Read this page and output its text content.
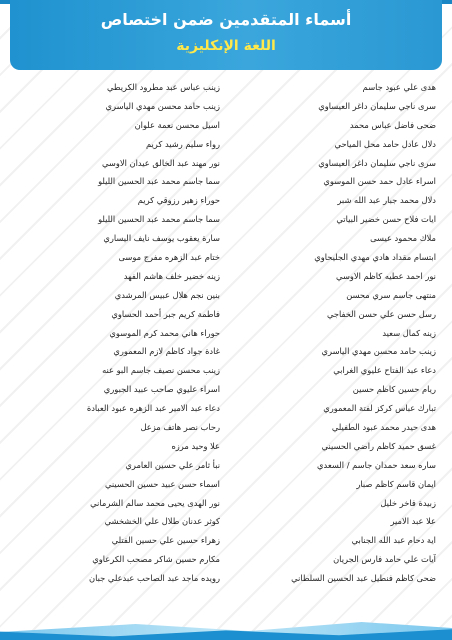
أسماء المتقدمين ضمن اختصاص
اللغة الإنكليزية
هدى علي عبود جاسم
سرى ناجي سليمان داغر العيساوي
ضحى فاضل عباس محمد
دلال عادل حامد محل المياحي
سرى ناجي سليمان داغر العيساوي
اسراء عادل حمد حسن الموسوي
دلال محمد جبار عبد الله شبر
ايات فلاح حسن خضير البياتي
ملاك محمود عيسى
ابتسام مقداد هادي مهدي الجليحاوي
نور احمد عطيه كاظم الاوسي
منتهى جاسم سري محسن
رسل حسن علي حسن الخفاجي
زينه كمال سعيد
زينب حامد محسن مهدي الياسري
دعاء عبد الفتاح عليوي الغرابي
ريام حسين كاظم حسين
تبارك عباس كركز لفتة المعموري
هدى حيدر محمد عبود الطفيلي
غسق حميد كاظم راضي الحسيني
ساره سعد حمدان جاسم / السعدي
ايمان قاسم كاظم صبار
زبيدة فاخر خليل
علا عبد الامير
اية دحام عبد الله الجنابي
آيات علي حامد فارس الجريان
ضحى كاظم فنطيل عبد الحسين السلطاني
زينب عباس عبد مطرود الكريطي
زينب حامد محسن مهدي الياسري
اسيل محسن نعمة علوان
رواء سليم رشيد كريم
نور مهند عبد الخالق عيدان الاوسي
سما جاسم محمد عبد الحسين الليلو
حوراء زهير رزوقي كريم
سما جاسم محمد عبد الحسين الليلو
سارة يعقوب يوسف نايف اليساري
ختام عبد الزهره مفرج موسى
زينه خضير خلف هاشم الفهد
بنين نجم هلال عبيس المرشدي
فاطمة كريم جبر أحمد الحساوي
حوراء هاني محمد كرم الموسوي
غادة جواد كاظم لازم المعموري
زينب محسن نصيف جاسم البو عنه
اسراء عليوي صاحب عبيد الجبوري
دعاء عبد الامير عبد الزهره عبود العبادة
رحاب نصر هاتف مزعل
علا وحيد مرزه
نبأ ثامر علي حسين العامري
اسماء حسن عبيد حسين الحسيني
نور الهدى يحيى محمد سالم الشرماني
كوثر عدنان طلال علي الخشخشي
زهراء حسين علي حسين الفتلي
مكارم حسين شاكر مصحب الكرعاوي
رويده ماجد عبد الصاحب عبدعلي جبان
